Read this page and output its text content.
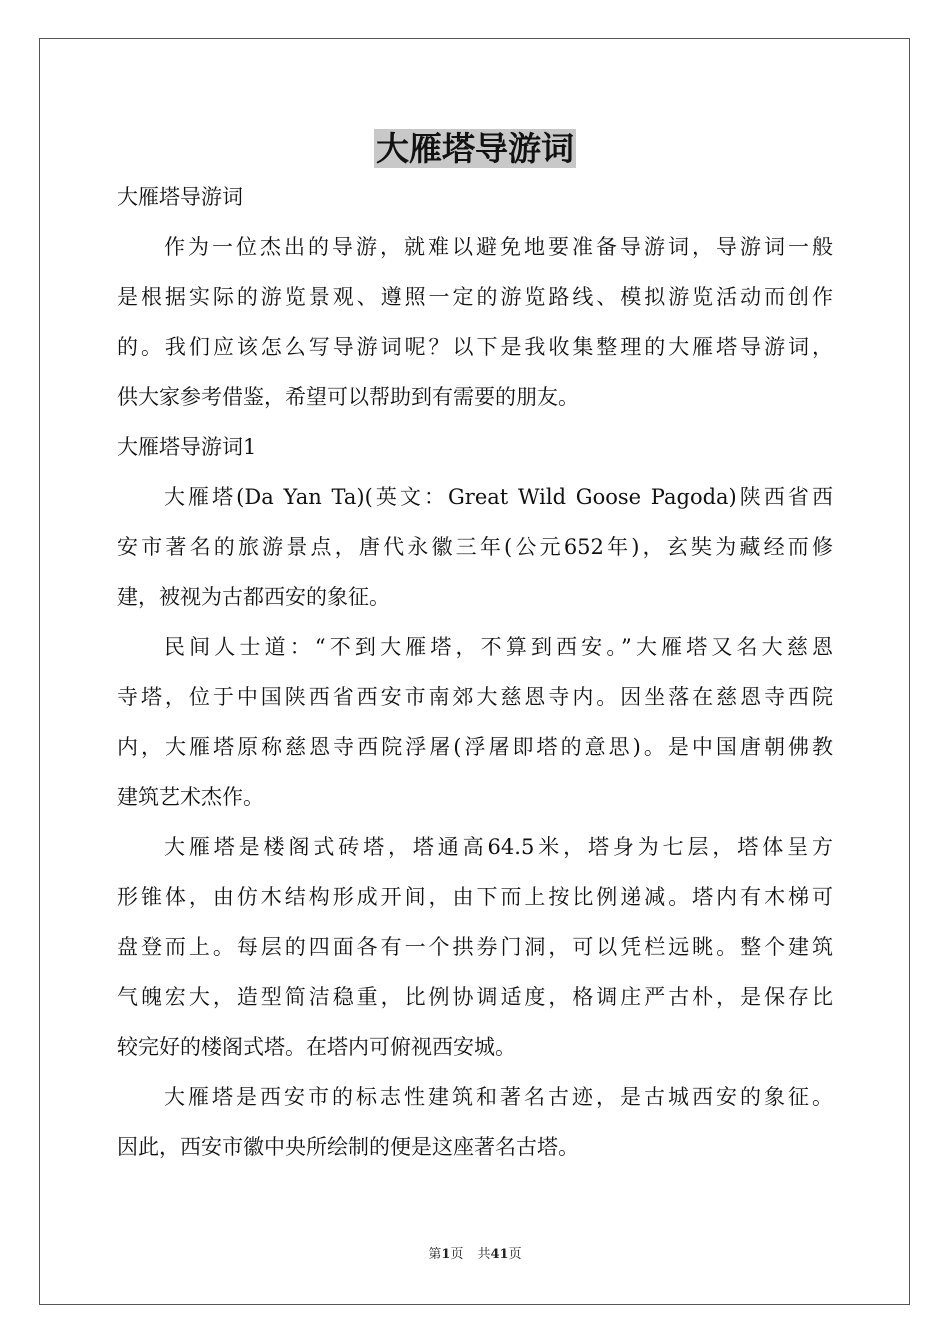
大雁塔导游词

大雁塔导游词

作为一位杰出的导游，就难以避免地要准备导游词，导游词一般

是根据实际的游览景观、遵照一定的游览路线、模拟游览活动而创作

的。我们应该怎么写导游词呢？以下是我收集整理的大雁塔导游词，

供大家参考借鉴，希望可以帮助到有需要的朋友。

大雁塔导游词1

大雁塔(Da Yan Ta)(英文：Great Wild Goose Pagoda)陕西省西

安市著名的旅游景点，唐代永徽三年(公元652年)，玄奘为藏经而修

建，被视为古都西安的象征。

民间人士道：“不到大雁塔，不算到西安。”大雁塔又名大慈恩

寺塔，位于中国陕西省西安市南郊大慈恩寺内。因坐落在慈恩寺西院

内，大雁塔原称慈恩寺西院浮屠(浮屠即塔的意思)。是中国唐朝佛教

建筑艺术杰作。

大雁塔是楼阁式砖塔，塔通高64.5米，塔身为七层，塔体呈方

形锥体，由仿木结构形成开间，由下而上按比例递减。塔内有木梯可

盘登而上。每层的四面各有一个拱券门洞，可以凭栏远眺。整个建筑

气魄宏大，造型简洁稳重，比例协调适度，格调庄严古朴，是保存比

较完好的楼阁式塔。在塔内可俯视西安城。

大雁塔是西安市的标志性建筑和著名古迹，是古城西安的象征。

因此，西安市徽中央所绘制的便是这座著名古塔。

第1页 共41页
